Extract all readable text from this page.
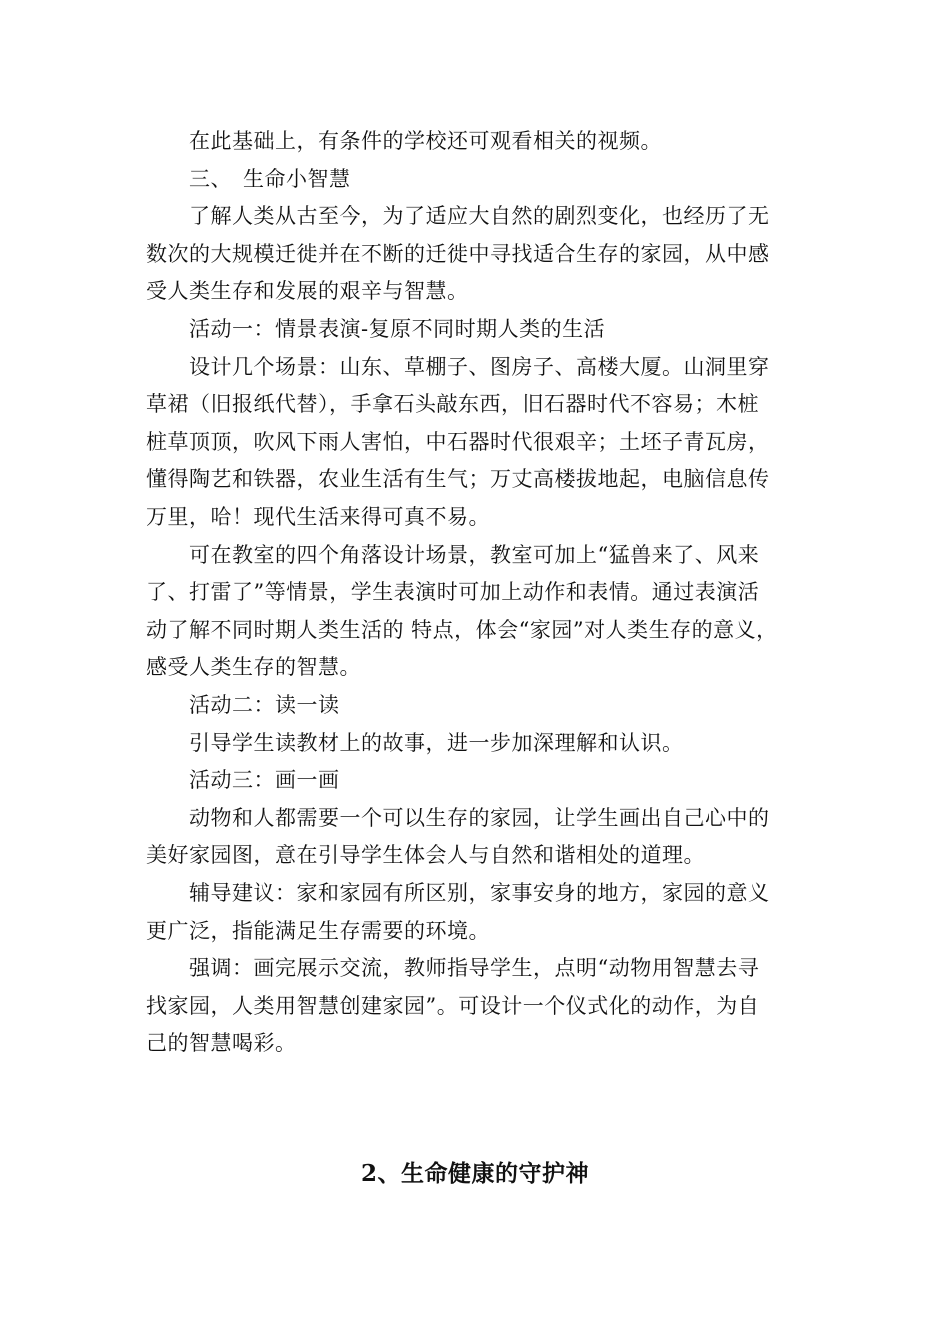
在此基础上，有条件的学校还可观看相关的视频。
三、　生命小智慧
了解人类从古至今，为了适应大自然的剧烈变化，也经历了无
数次的大规模迁徙并在不断的迁徙中寻找适合生存的家园，从中感
受人类生存和发展的艰辛与智慧。
活动一：情景表演-复原不同时期人类的生活
设计几个场景：山东、草棚子、图房子、高楼大厦。山洞里穿
草裙（旧报纸代替），手拿石头敲东西，旧石器时代不容易；木桩
桩草顶顶，吹风下雨人害怕，中石器时代很艰辛；土坯子青瓦房，
懂得陶艺和铁器，农业生活有生气；万丈高楼拔地起，电脑信息传
万里，哈！现代生活来得可真不易。
可在教室的四个角落设计场景，教室可加上“猛兽来了、风来
了、打雷了”等情景，学生表演时可加上动作和表情。通过表演活
动了解不同时期人类生活的 特点，体会“家园”对人类生存的意义，
感受人类生存的智慧。
活动二：读一读
引导学生读教材上的故事，进一步加深理解和认识。
活动三：画一画
动物和人都需要一个可以生存的家园，让学生画出自己心中的
美好家园图，意在引导学生体会人与自然和谐相处的道理。
辅导建议：家和家园有所区别，家事安身的地方，家园的意义
更广泛，指能满足生存需要的环境。
强调：画完展示交流，教师指导学生，点明“动物用智慧去寻
找家园，人类用智慧创建家园”。可设计一个仪式化的动作，为自
己的智慧喝彩。
2、生命健康的守护神
